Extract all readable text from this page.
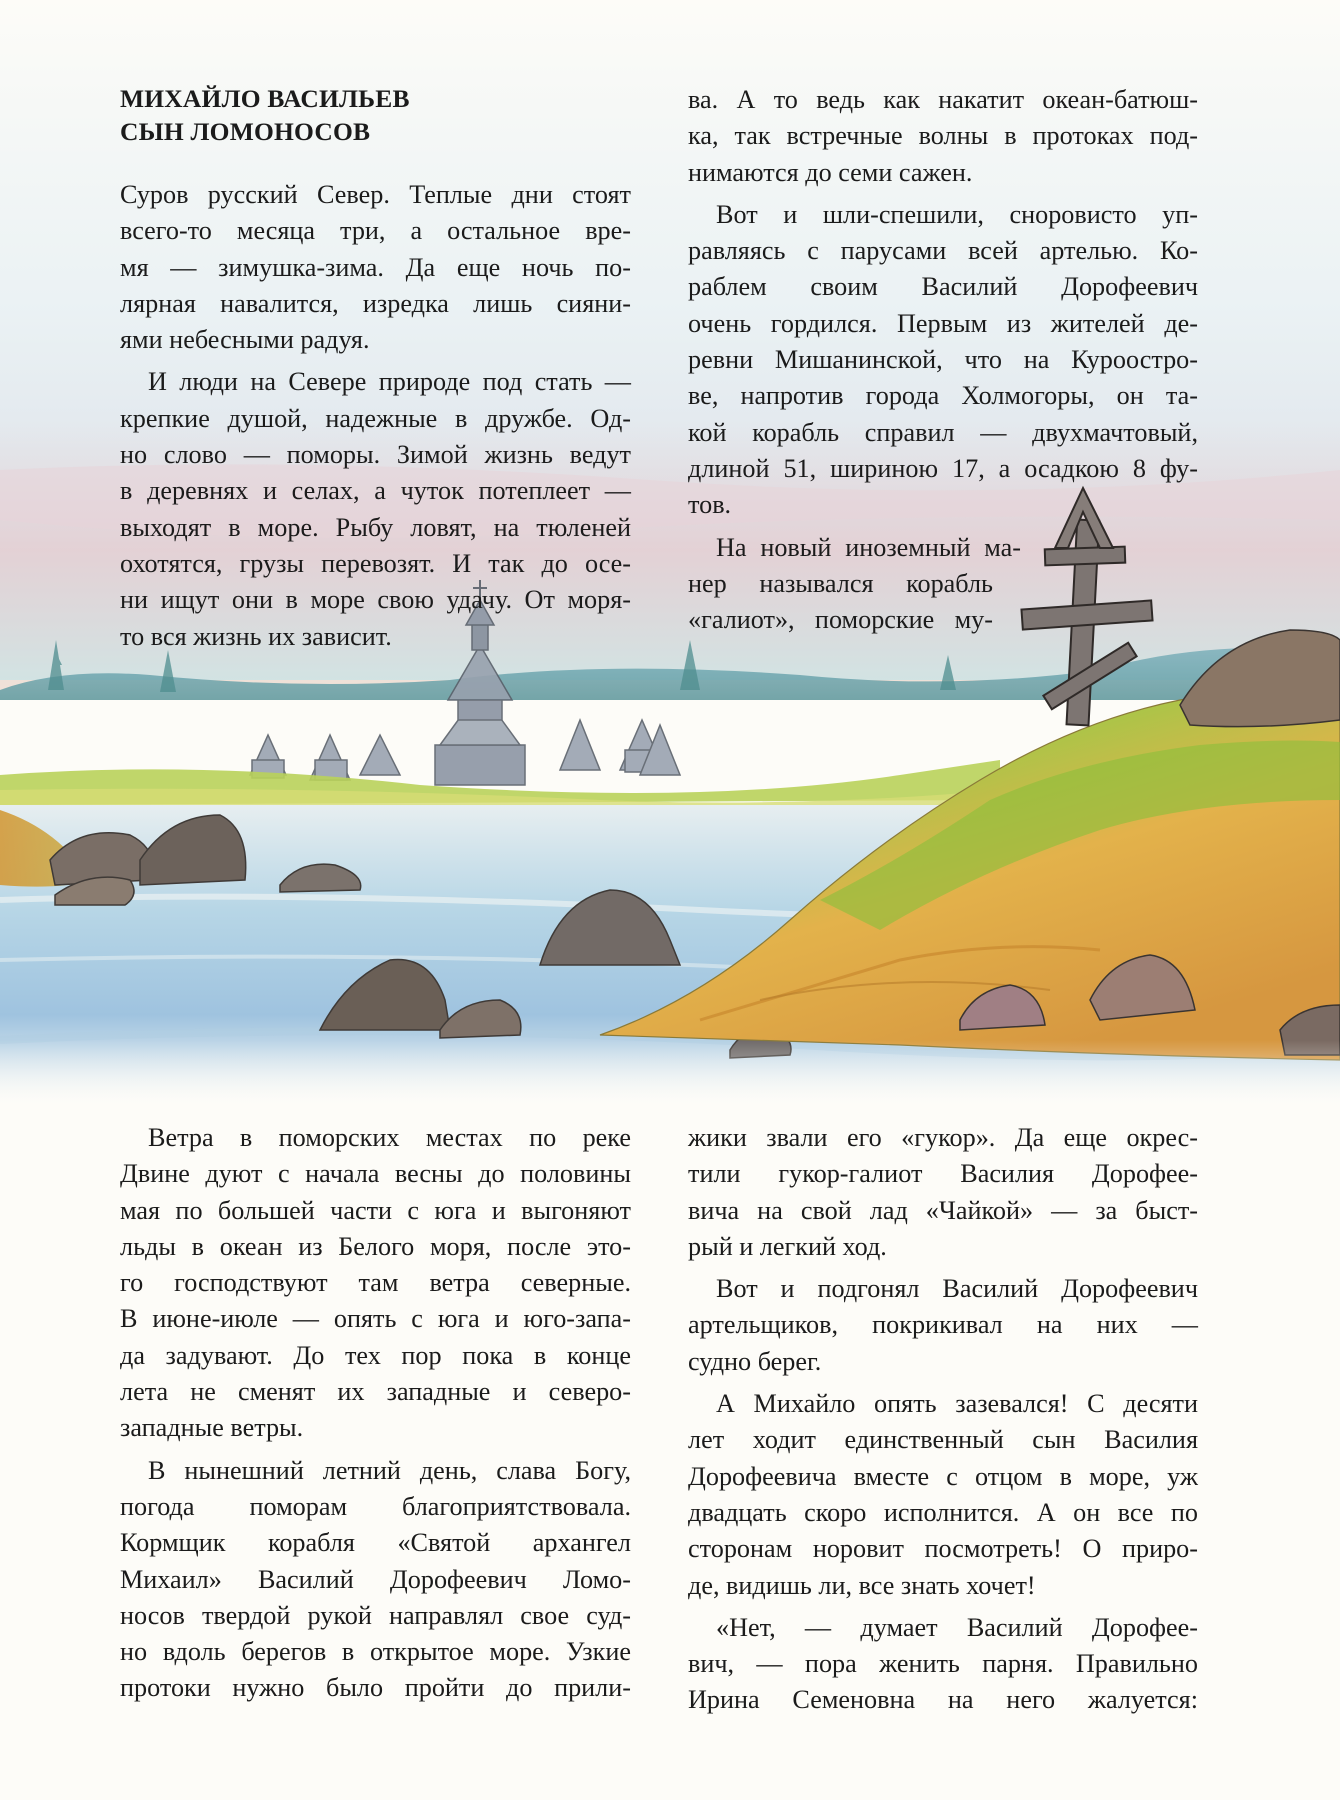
МИХАЙЛО ВАСИЛЬЕВ
СЫН ЛОМОНОСОВ
Суров русский Север. Теплые дни стоят
всего-то месяца три, а остальное вре-
мя — зимушка-зима. Да еще ночь по-
лярная навалится, изредка лишь сияни-
ями небесными радуя.
И люди на Севере природе под стать —
крепкие душой, надежные в дружбе. Од-
но слово — поморы. Зимой жизнь ведут
в деревнях и селах, а чуток потеплеет —
выходят в море. Рыбу ловят, на тюленей
охотятся, грузы перевозят. И так до осе-
ни ищут они в море свою удачу. От моря-
то вся жизнь их зависит.
ва. А то ведь как накатит океан-батюш-
ка, так встречные волны в протоках под-
нимаются до семи сажен.
Вот и шли-спешили, сноровисто уп-
равляясь с парусами всей артелью. Ко-
раблем своим Василий Дорофеевич
очень гордился. Первым из жителей де-
ревни Мишанинской, что на Куроостро-
ве, напротив города Холмогоры, он та-
кой корабль справил — двухмачтовый,
длиной 51, шириною 17, а осадкою 8 фу-
тов.
На новый иноземный ма-
нер назывался корабль
«галиот», поморские му-
Ветра в поморских местах по реке
Двине дуют с начала весны до половины
мая по большей части с юга и выгоняют
льды в океан из Белого моря, после это-
го господствуют там ветра северные.
В июне-июле — опять с юга и юго-запа-
да задувают. До тех пор пока в конце
лета не сменят их западные и северо-
западные ветры.
В нынешний летний день, слава Богу,
погода поморам благоприятствовала.
Кормщик корабля «Святой архангел
Михаил» Василий Дорофеевич Ломо-
носов твердой рукой направлял свое суд-
но вдоль берегов в открытое море. Узкие
протоки нужно было пройти до прили-
жики звали его «гукор». Да еще окрес-
тили гукор-галиот Василия Дорофее-
вича на свой лад «Чайкой» — за быст-
рый и легкий ход.
Вот и подгонял Василий Дорофеевич
артельщиков, покрикивал на них —
судно берег.
А Михайло опять зазевался! С десяти
лет ходит единственный сын Василия
Дорофеевича вместе с отцом в море, уж
двадцать скоро исполнится. А он все по
сторонам норовит посмотреть! О приро-
де, видишь ли, все знать хочет!
«Нет, — думает Василий Дорофее-
вич, — пора женить парня. Правильно
Ирина Семеновна на него жалуется:
